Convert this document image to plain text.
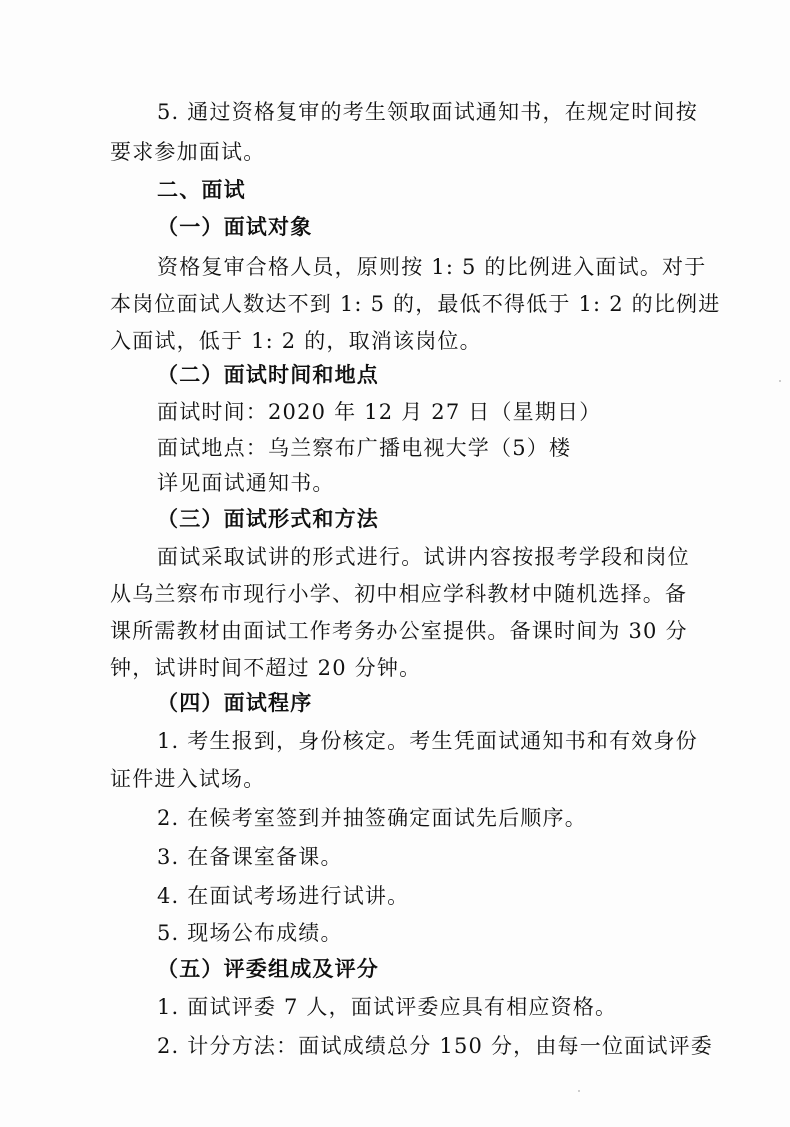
5. 通过资格复审的考生领取面试通知书，在规定时间按
要求参加面试。
二、面试
（一）面试对象
资格复审合格人员，原则按 1: 5 的比例进入面试。对于
本岗位面试人数达不到 1: 5 的，最低不得低于 1: 2 的比例进
入面试，低于 1: 2 的，取消该岗位。
（二）面试时间和地点
面试时间：2020 年 12 月 27 日（星期日）
面试地点：乌兰察布广播电视大学（5）楼
详见面试通知书。
（三）面试形式和方法
面试采取试讲的形式进行。试讲内容按报考学段和岗位
从乌兰察布市现行小学、初中相应学科教材中随机选择。备
课所需教材由面试工作考务办公室提供。备课时间为 30 分
钟，试讲时间不超过 20 分钟。
（四）面试程序
1. 考生报到，身份核定。考生凭面试通知书和有效身份
证件进入试场。
2. 在候考室签到并抽签确定面试先后顺序。
3. 在备课室备课。
4. 在面试考场进行试讲。
5. 现场公布成绩。
（五）评委组成及评分
1. 面试评委 7 人，面试评委应具有相应资格。
2. 计分方法：面试成绩总分 150 分，由每一位面试评委
